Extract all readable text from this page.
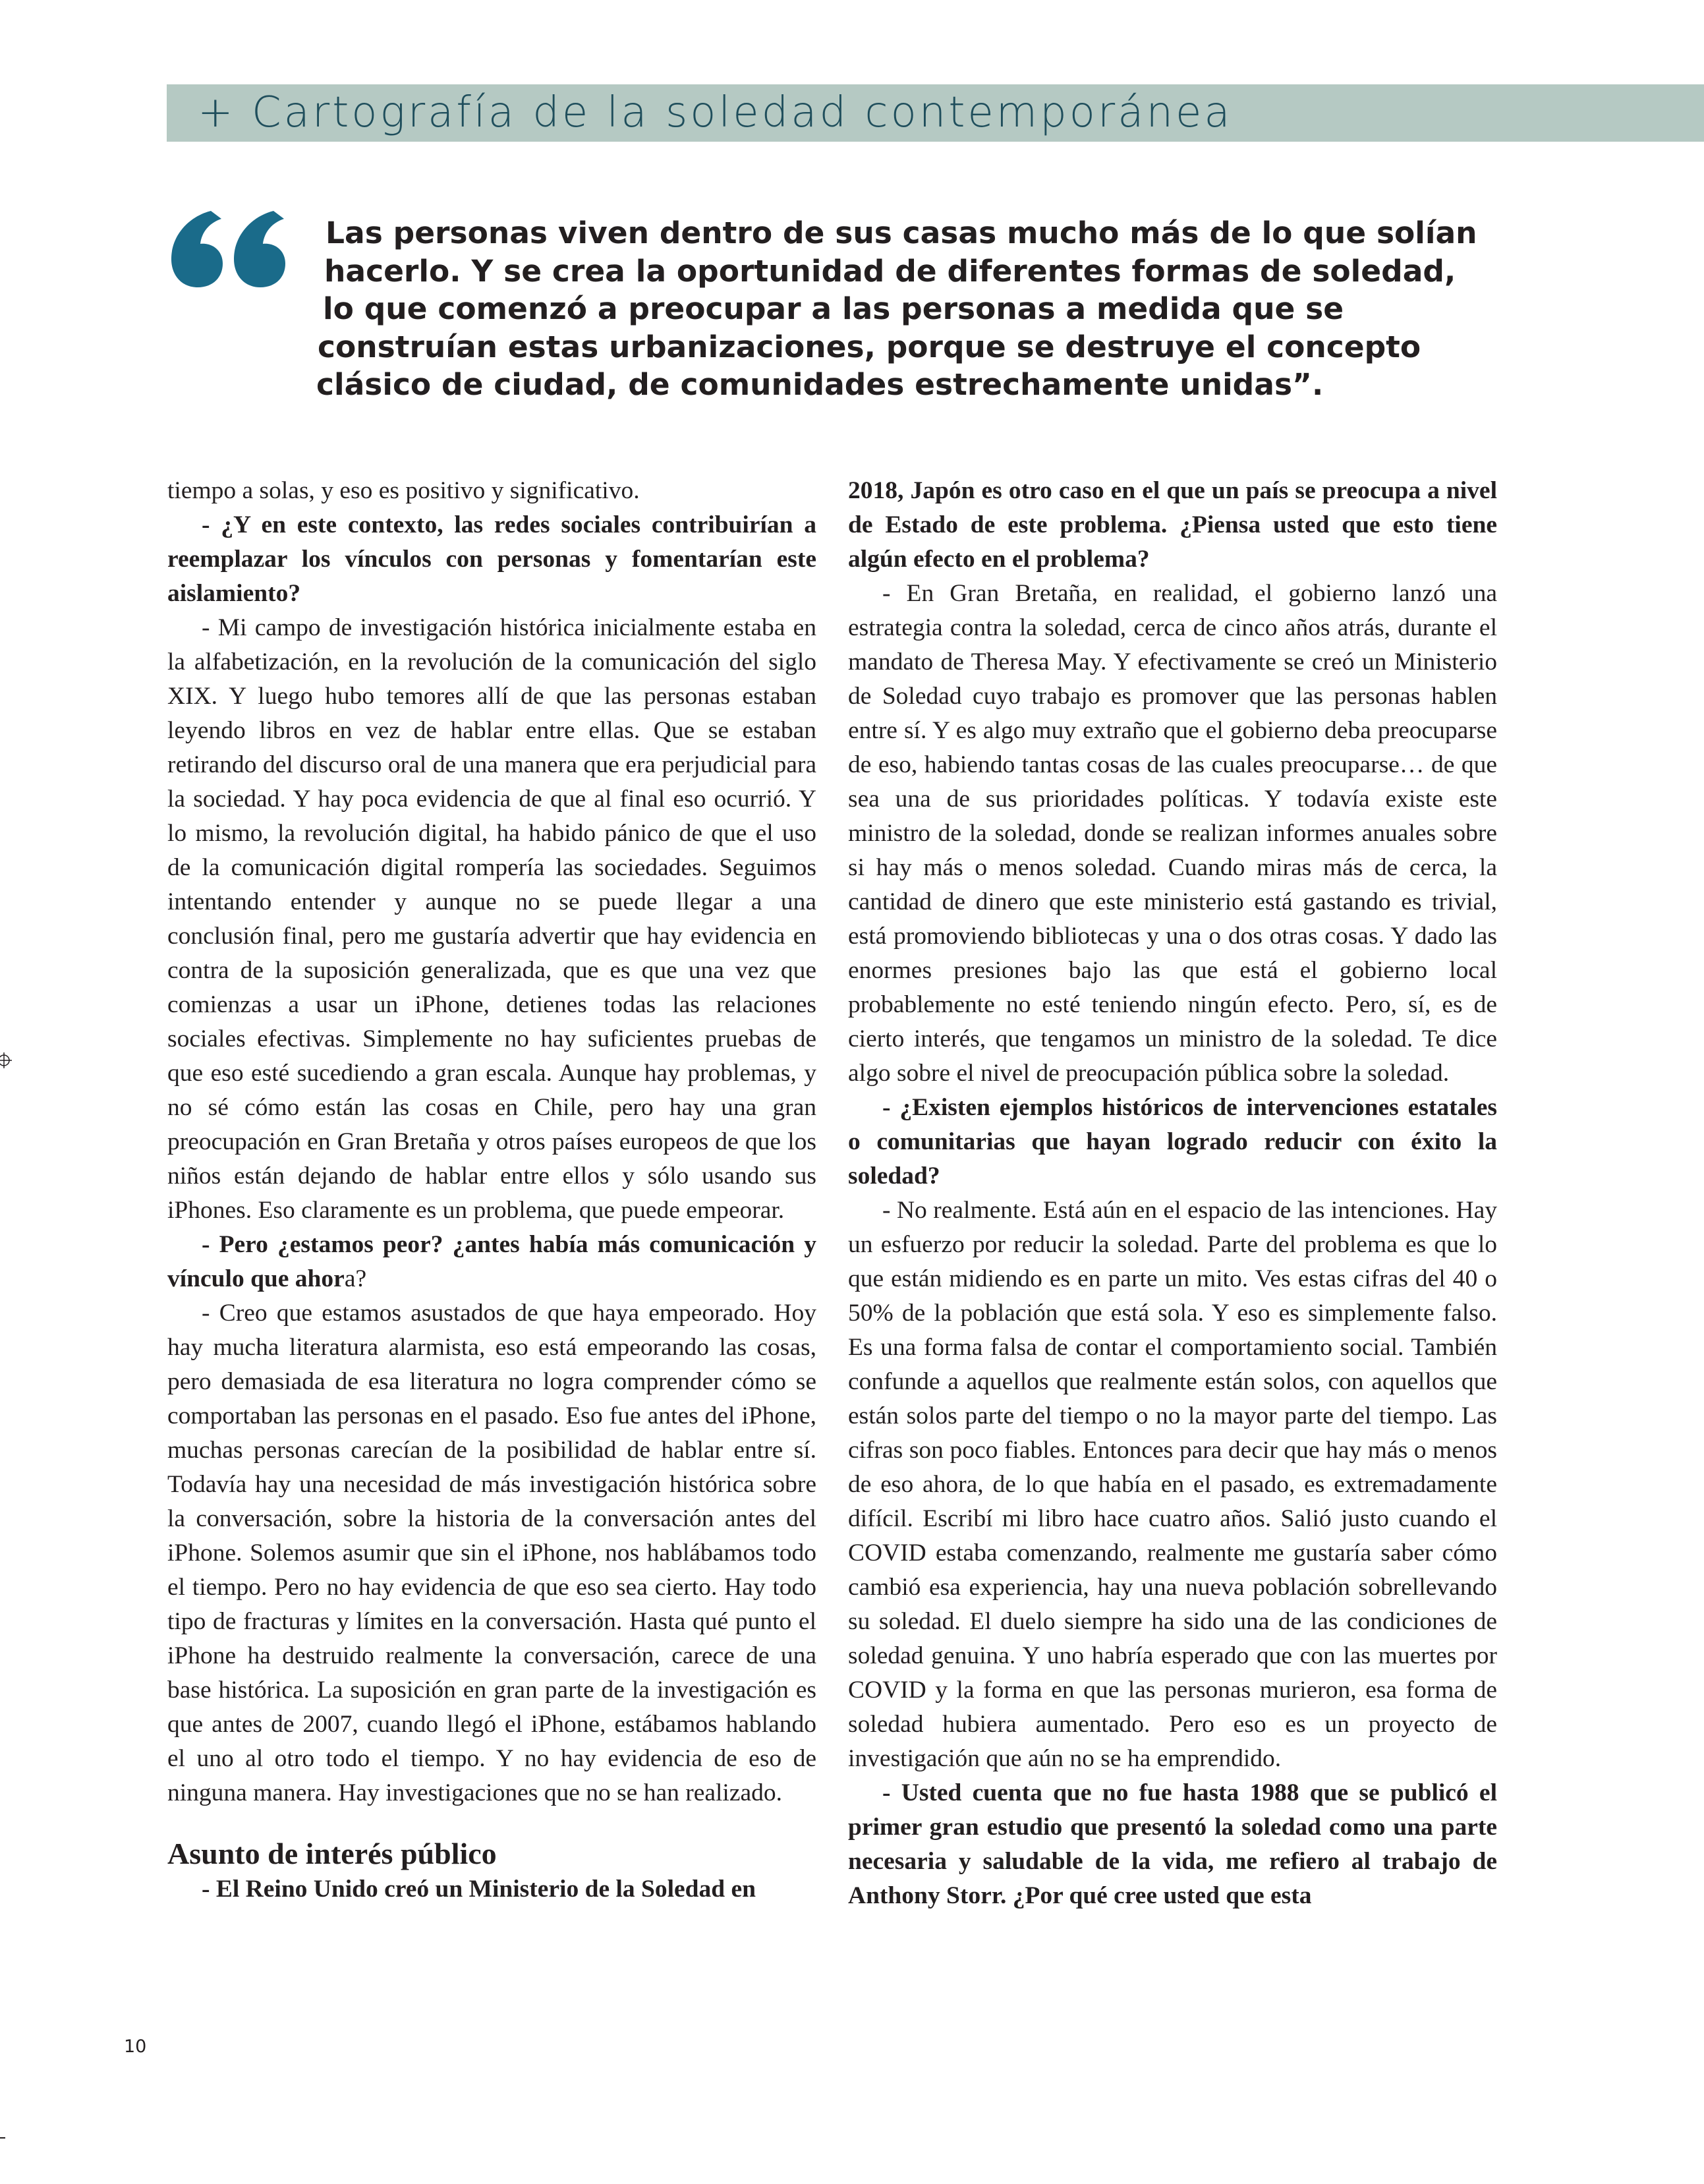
+ Cartografía de la soledad contemporánea
Las personas viven dentro de sus casas mucho más de lo que solían
hacerlo. Y se crea la oportunidad de diferentes formas de soledad,
lo que comenzó a preocupar a las personas a medida que se
construían estas urbanizaciones, porque se destruye el concepto
clásico de ciudad, de comunidades estrechamente unidas”.

tiempo a solas, y eso es positivo y significativo.

- ¿Y en este contexto, las redes sociales contribuirían a reemplazar los vínculos con personas y fomentarían este aislamiento?

- Mi campo de investigación histórica inicialmente estaba en la alfabetización, en la revolución de la comunicación del siglo XIX. Y luego hubo temores allí de que las personas estaban leyendo libros en vez de hablar entre ellas. Que se estaban retirando del discurso oral de una manera que era perjudicial para la sociedad. Y hay poca evidencia de que al final eso ocurrió. Y lo mismo, la revolución digital, ha habido pánico de que el uso de la comunicación digital rompería las sociedades. Seguimos intentando entender y aunque no se puede llegar a una conclusión final, pero me gustaría advertir que hay evidencia en contra de la suposición generalizada, que es que una vez que comienzas a usar un iPhone, detienes todas las relaciones sociales efectivas. Simplemente no hay suficientes pruebas de que eso esté sucediendo a gran escala. Aunque hay problemas, y no sé cómo están las cosas en Chile, pero hay una gran preocupación en Gran Bretaña y otros países europeos de que los niños están dejando de hablar entre ellos y sólo usando sus iPhones. Eso claramente es un problema, que puede empeorar.

- Pero ¿estamos peor? ¿antes había más comunicación y vínculo que ahora?

- Creo que estamos asustados de que haya empeorado. Hoy hay mucha literatura alarmista, eso está empeorando las cosas, pero demasiada de esa literatura no logra comprender cómo se comportaban las personas en el pasado. Eso fue antes del iPhone, muchas personas carecían de la posibilidad de hablar entre sí. Todavía hay una necesidad de más investigación histórica sobre la conversación, sobre la historia de la conversación antes del iPhone. Solemos asumir que sin el iPhone, nos hablábamos todo el tiempo. Pero no hay evidencia de que eso sea cierto. Hay todo tipo de fracturas y límites en la conversación. Hasta qué punto el iPhone ha destruido realmente la conversación, carece de una base histórica. La suposición en gran parte de la investigación es que antes de 2007, cuando llegó el iPhone, estábamos hablando el uno al otro todo el tiempo. Y no hay evidencia de eso de ninguna manera. Hay investigaciones que no se han realizado.

Asunto de interés público

- El Reino Unido creó un Ministerio de la Soledad en

2018, Japón es otro caso en el que un país se preocupa a nivel de Estado de este problema. ¿Piensa usted que esto tiene algún efecto en el problema?

- En Gran Bretaña, en realidad, el gobierno lanzó una estrategia contra la soledad, cerca de cinco años atrás, durante el mandato de Theresa May. Y efectivamente se creó un Ministerio de Soledad cuyo trabajo es promover que las personas hablen entre sí. Y es algo muy extraño que el gobierno deba preocuparse de eso, habiendo tantas cosas de las cuales preocuparse… de que sea una de sus prioridades políticas. Y todavía existe este ministro de la soledad, donde se realizan informes anuales sobre si hay más o menos soledad. Cuando miras más de cerca, la cantidad de dinero que este ministerio está gastando es trivial, está promoviendo bibliotecas y una o dos otras cosas. Y dado las enormes presiones bajo las que está el gobierno local probablemente no esté teniendo ningún efecto. Pero, sí, es de cierto interés, que tengamos un ministro de la soledad. Te dice algo sobre el nivel de preocupación pública sobre la soledad.

- ¿Existen ejemplos históricos de intervenciones estatales o comunitarias que hayan logrado reducir con éxito la soledad?

- No realmente. Está aún en el espacio de las intenciones. Hay un esfuerzo por reducir la soledad. Parte del problema es que lo que están midiendo es en parte un mito. Ves estas cifras del 40 o 50% de la población que está sola. Y eso es simplemente falso. Es una forma falsa de contar el comportamiento social. También confunde a aquellos que realmente están solos, con aquellos que están solos parte del tiempo o no la mayor parte del tiempo. Las cifras son poco fiables. Entonces para decir que hay más o menos de eso ahora, de lo que había en el pasado, es extremadamente difícil. Escribí mi libro hace cuatro años. Salió justo cuando el COVID estaba comenzando, realmente me gustaría saber cómo cambió esa experiencia, hay una nueva población sobrellevando su soledad. El duelo siempre ha sido una de las condiciones de soledad genuina. Y uno habría esperado que con las muertes por COVID y la forma en que las personas murieron, esa forma de soledad hubiera aumentado. Pero eso es un proyecto de investigación que aún no se ha emprendido.

- Usted cuenta que no fue hasta 1988 que se publicó el primer gran estudio que presentó la soledad como una parte necesaria y saludable de la vida, me refiero al trabajo de Anthony Storr. ¿Por qué cree usted que esta

10
